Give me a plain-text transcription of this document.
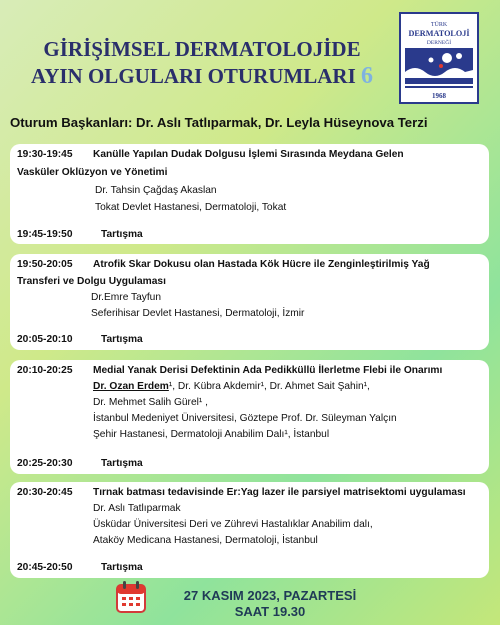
GİRİŞİMSEL DERMATOLOJİDE
AYIN OLGULARI OTURUMLARI 6
TÜRK
DERMATOLOJİ
DERNEĞİ
1968
Oturum Başkanları: Dr. Aslı Tatlıparmak, Dr. Leyla Hüseynova Terzi
19:30-19:45 Kanülle Yapılan Dudak Dolgusu İşlemi Sırasında Meydana Gelen
Vasküler Oklüzyon ve Yönetimi
Dr. Tahsin Çağdaş Akaslan
Tokat Devlet Hastanesi, Dermatoloji, Tokat
19:45-19:50	Tartışma
19:50-20:05 Atrofik Skar Dokusu olan Hastada Kök Hücre ile Zenginleştirilmiş Yağ
Transferi ve Dolgu Uygulaması
Dr.Emre Tayfun
Seferihisar Devlet Hastanesi, Dermatoloji, İzmir
20:05-20:10	Tartışma
20:10-20:25 Medial Yanak Derisi Defektinin Ada Pedikküllü İlerletme Flebi ile Onarımı
Dr. Ozan Erdem¹, Dr. Kübra Akdemir¹, Dr. Ahmet Sait Şahin¹,
Dr. Mehmet Salih Gürel¹ ,
İstanbul Medeniyet Üniversitesi, Göztepe Prof. Dr. Süleyman Yalçın
Şehir Hastanesi, Dermatoloji Anabilim Dalı¹, İstanbul
20:25-20:30	Tartışma
20:30-20:45 Tırnak batması tedavisinde Er:Yag lazer ile parsiyel matrisektomi uygulaması
Dr. Aslı Tatlıparmak
Üsküdar Üniversitesi Deri ve Zührevi Hastalıklar Anabilim dalı,
Ataköy Medicana Hastanesi, Dermatoloji, İstanbul
20:45-20:50	Tartışma
27 KASIM 2023, PAZARTESİ
SAAT 19.30
